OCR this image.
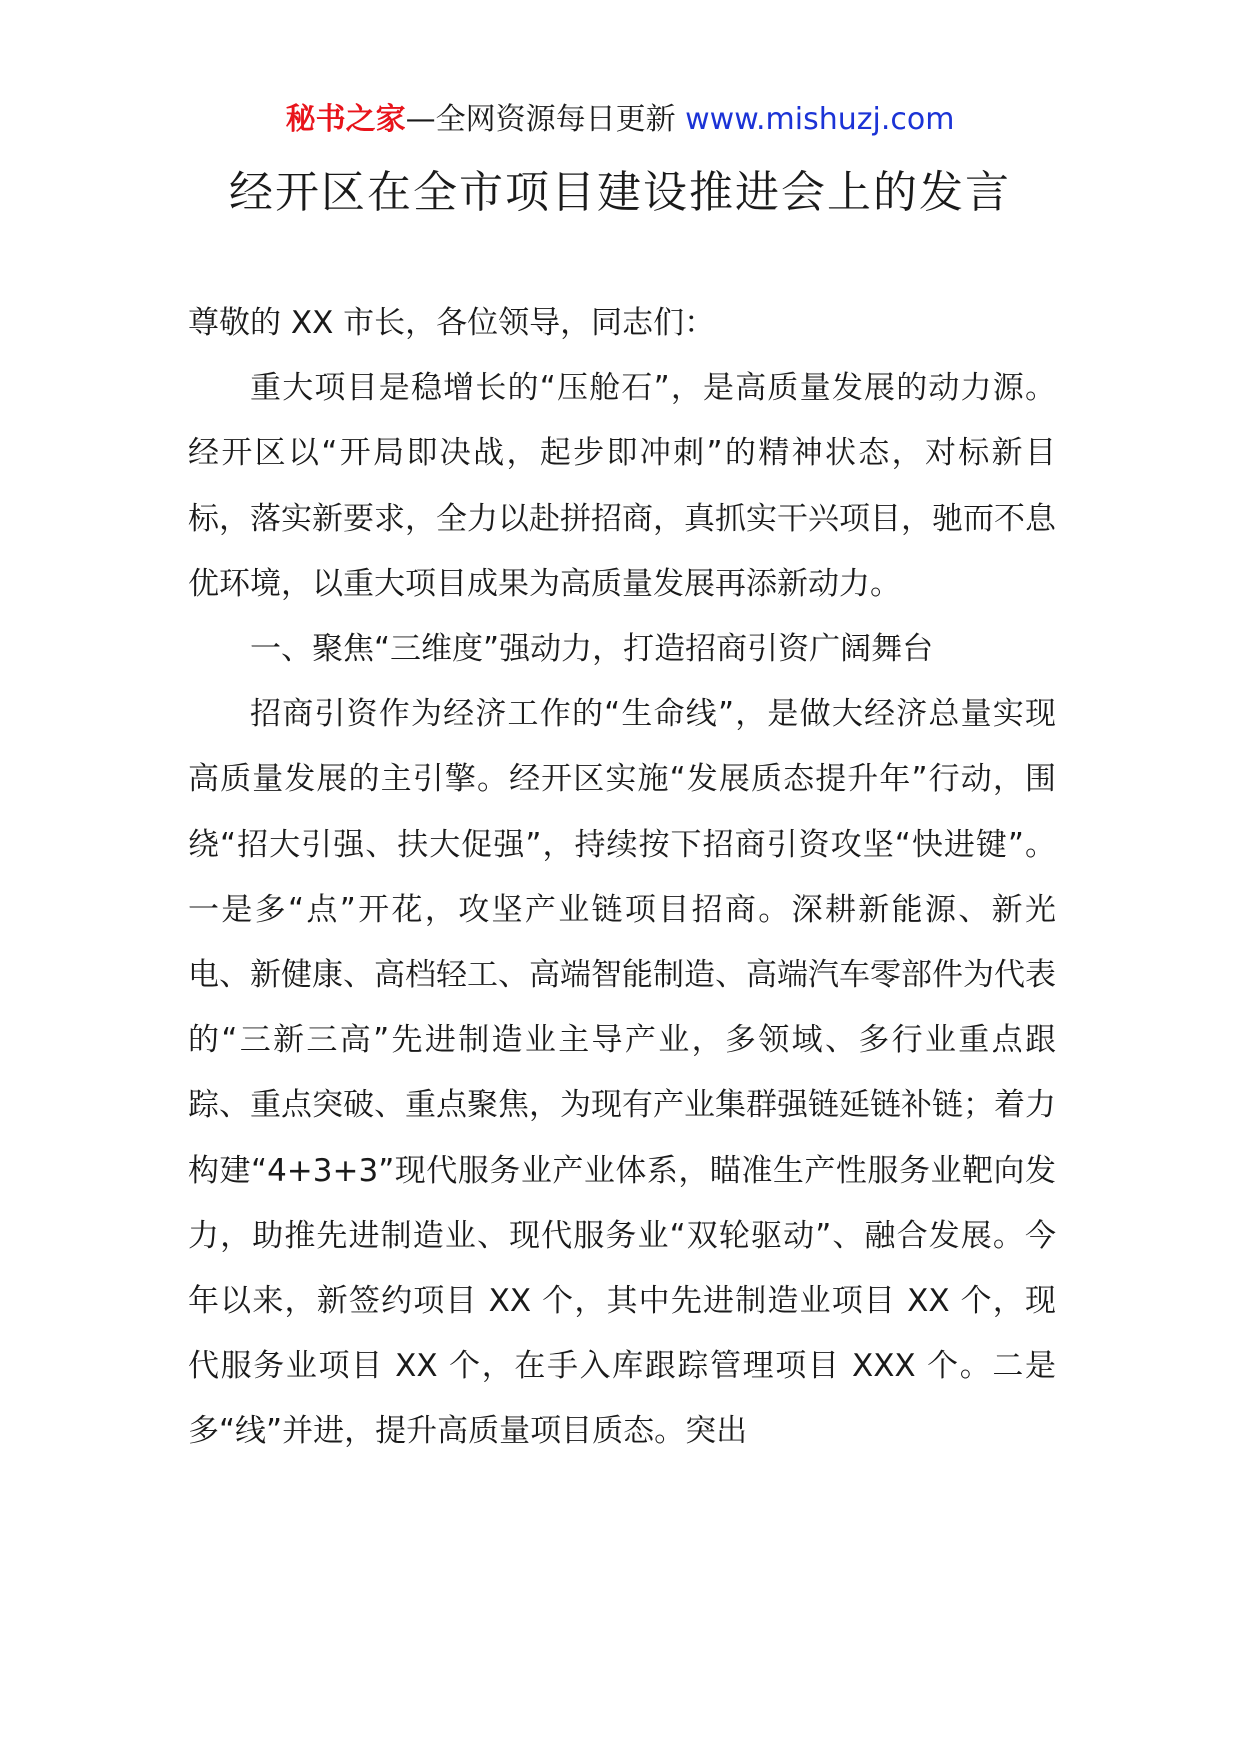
秘书之家—全网资源每日更新 www.mishuzj.com
经开区在全市项目建设推进会上的发言

尊敬的 XX 市长，各位领导，同志们：

重大项目是稳增长的“压舱石”，是高质量发展的动力源。经开区以“开局即决战，起步即冲刺”的精神状态，对标新目标，落实新要求，全力以赴拼招商，真抓实干兴项目，驰而不息优环境，以重大项目成果为高质量发展再添新动力。

一、聚焦“三维度”强动力，打造招商引资广阔舞台

招商引资作为经济工作的“生命线”，是做大经济总量实现高质量发展的主引擎。经开区实施“发展质态提升年”行动，围绕“招大引强、扶大促强”，持续按下招商引资攻坚“快进键”。一是多“点”开花，攻坚产业链项目招商。深耕新能源、新光电、新健康、高档轻工、高端智能制造、高端汽车零部件为代表的“三新三高”先进制造业主导产业，多领域、多行业重点跟踪、重点突破、重点聚焦，为现有产业集群强链延链补链；着力构建“4+3+3”现代服务业产业体系，瞄准生产性服务业靶向发力，助推先进制造业、现代服务业“双轮驱动”、融合发展。今年以来，新签约项目 XX 个，其中先进制造业项目 XX 个，现代服务业项目 XX 个，在手入库跟踪管理项目 XXX 个。二是多“线”并进，提升高质量项目质态。突出
